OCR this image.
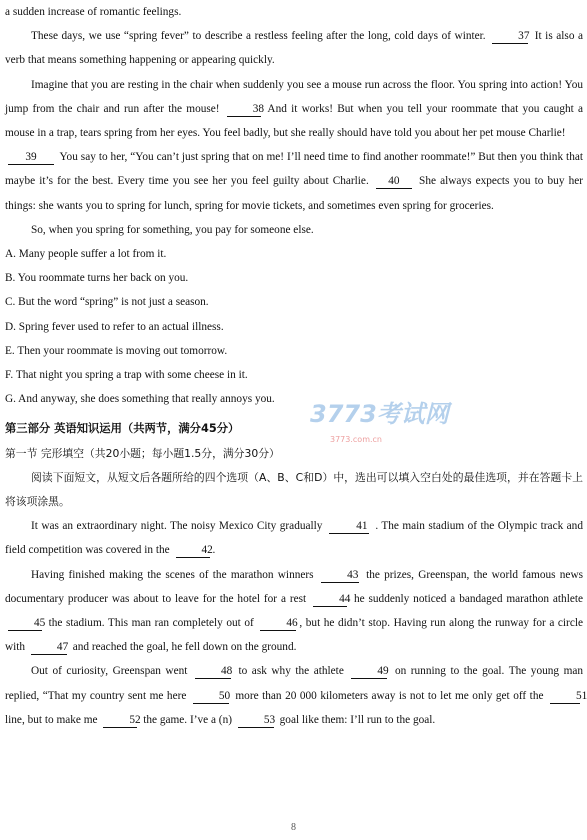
a sudden increase of romantic feelings.

These days, we use “spring fever” to describe a restless feeling after the long, cold days of winter.	37 It is also a verb that means something happening or appearing quickly.

Imagine that you are resting in the chair when suddenly you see a mouse run across the floor. You spring into action! You jump from the chair and run after the mouse!	38 And it works! But when you tell your roommate that you caught a mouse in a trap, tears spring from her eyes. You feel badly, but she really should have told you about her pet mouse Charlie!

39 You say to her, “You can’t just spring that on me! I’ll need time to find another roommate!” But then you think that maybe it’s for the best. Every time you see her you feel guilty about Charlie. 40 She always expects you to buy her things: she wants you to spring for lunch, spring for movie tickets, and sometimes even spring for groceries.

So, when you spring for something, you pay for someone else.

A. Many people suffer a lot from it.

B. You roommate turns her back on you.

C. But the word “spring” is not just a season.

D. Spring fever used to refer to an actual illness.

E. Then your roommate is moving out tomorrow.

F. That night you spring a trap with some cheese in it.

G. And anyway, she does something that really annoys you.

第三部分 英语知识运用（共两节，满分45分）

第一节 完形填空（共20小题；每小题1.5分，满分30分）

阅读下面短文，从短文后各题所给的四个选项（A、B、C和D）中，选出可以填入空白处的最佳选项，并在答题卡上将该项涂黑。

It was an extraordinary night. The noisy Mexico City gradually	41 . The main stadium of the Olympic track and field competition was covered in the	42.

Having finished making the scenes of the marathon winners	43 the prizes, Greenspan, the world famous news documentary producer was about to leave for the hotel for a rest	44 he suddenly noticed a bandaged marathon athlete 45 the stadium. This man ran completely out of	46 , but he didn’t stop. Having run along the runway for a circle with	47 and reached the goal, he fell down on the ground.

Out of curiosity, Greenspan went	48 to ask why the athlete	49 on running to the goal. The young man replied, “That my country sent me here	50 more than 20 000 kilometers away is not to let me only get off the	51line, but to make me	52 the game. I’ve a (n)	53 goal like them: I’ll run to the goal.

3773考试网
3773.com.cn
8
